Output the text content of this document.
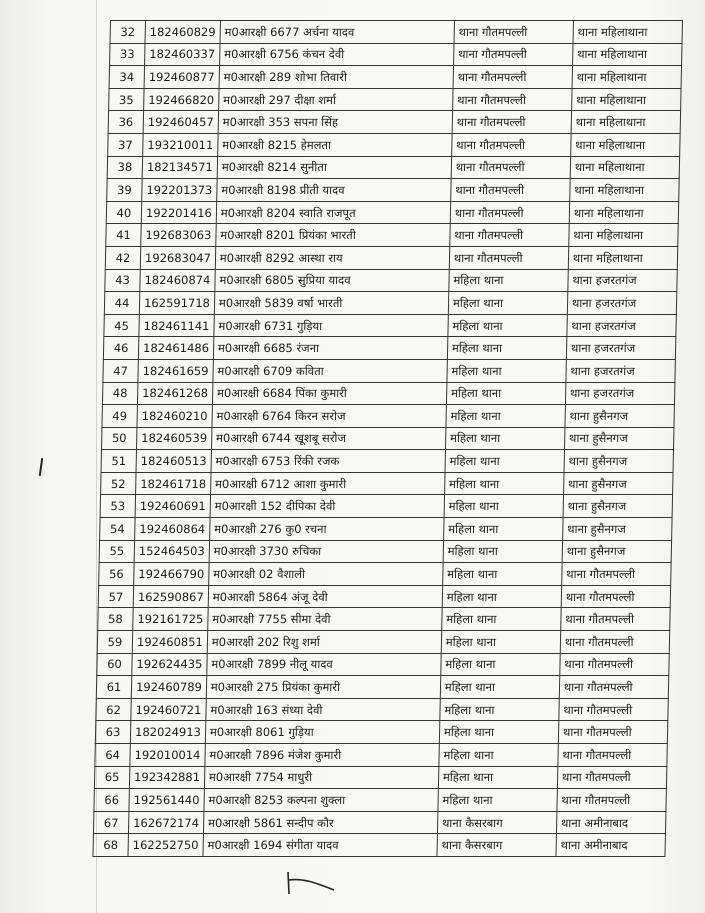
32	182460829	म0आरक्षी 6677 अर्चना यादव	थाना गौतमपल्ली	थाना महिलाथाना
33	182460337	म0आरक्षी 6756 कंचन देवी	थाना गौतमपल्ली	थाना महिलाथाना
34	192460877	म0आरक्षी 289 शोभा तिवारी	थाना गौतमपल्ली	थाना महिलाथाना
35	192466820	म0आरक्षी 297 दीक्षा शर्मा	थाना गौतमपल्ली	थाना महिलाथाना
36	192460457	म0आरक्षी 353 सपना सिंह	थाना गौतमपल्ली	थाना महिलाथाना
37	193210011	म0आरक्षी 8215 हेमलता	थाना गौतमपल्ली	थाना महिलाथाना
38	182134571	म0आरक्षी 8214 सुनीता	थाना गौतमपल्ली	थाना महिलाथाना
39	192201373	म0आरक्षी 8198 प्रीती यादव	थाना गौतमपल्ली	थाना महिलाथाना
40	192201416	म0आरक्षी 8204 स्वाति राजपूत	थाना गौतमपल्ली	थाना महिलाथाना
41	192683063	म0आरक्षी 8201 प्रियंका भारती	थाना गौतमपल्ली	थाना महिलाथाना
42	192683047	म0आरक्षी 8292 आस्था राय	थाना गौतमपल्ली	थाना महिलाथाना
43	182460874	म0आरक्षी 6805 सुप्रिया यादव	महिला थाना	थाना हजरतगंज
44	162591718	म0आरक्षी 5839 वर्षा भारती	महिला थाना	थाना हजरतगंज
45	182461141	म0आरक्षी 6731 गुड़िया	महिला थाना	थाना हजरतगंज
46	182461486	म0आरक्षी 6685 रंजना	महिला थाना	थाना हजरतगंज
47	182461659	म0आरक्षी 6709 कविता	महिला थाना	थाना हजरतगंज
48	182461268	म0आरक्षी 6684 पिंका कुमारी	महिला थाना	थाना हजरतगंज
49	182460210	म0आरक्षी 6764 किरन सरोज	महिला थाना	थाना हुसैनगज
50	182460539	म0आरक्षी 6744 खूशबू सरोज	महिला थाना	थाना हुसैनगज
51	182460513	म0आरक्षी 6753 रिंकी रजक	महिला थाना	थाना हुसैनगज
52	182461718	म0आरक्षी 6712 आशा कुमारी	महिला थाना	थाना हुसैनगज
53	192460691	म0आरक्षी 152 दीपिका देवी	महिला थाना	थाना हुसैनगज
54	192460864	म0आरक्षी 276 कु0 रचना	महिला थाना	थाना हुसैनगज
55	152464503	म0आरक्षी 3730 रुचिका	महिला थाना	थाना हुसैनगज
56	192466790	म0आरक्षी 02 वैशाली	महिला थाना	थाना गौतमपल्ली
57	162590867	म0आरक्षी 5864 अंजू देवी	महिला थाना	थाना गौतमपल्ली
58	192161725	म0आरक्षी 7755 सीमा देवी	महिला थाना	थाना गौतमपल्ली
59	192460851	म0आरक्षी 202 रिशु शर्मा	महिला थाना	थाना गौतमपल्ली
60	192624435	म0आरक्षी 7899 नीलू यादव	महिला थाना	थाना गौतमपल्ली
61	192460789	म0आरक्षी 275 प्रियंका कुमारी	महिला थाना	थाना गौतमपल्ली
62	192460721	म0आरक्षी 163 संध्या देवी	महिला थाना	थाना गौतमपल्ली
63	182024913	म0आरक्षी 8061 गुड़िया	महिला थाना	थाना गौतमपल्ली
64	192010014	म0आरक्षी 7896 मंजेश कुमारी	महिला थाना	थाना गौतमपल्ली
65	192342881	म0आरक्षी 7754 माधुरी	महिला थाना	थाना गौतमपल्ली
66	192561440	म0आरक्षी 8253 कल्पना शुक्ला	महिला थाना	थाना गौतमपल्ली
67	162672174	म0आरक्षी 5861 सन्दीप कौर	थाना कैसरबाग	थाना अमीनाबाद
68	162252750	म0आरक्षी 1694 संगीता यादव	थाना कैसरबाग	थाना अमीनाबाद
